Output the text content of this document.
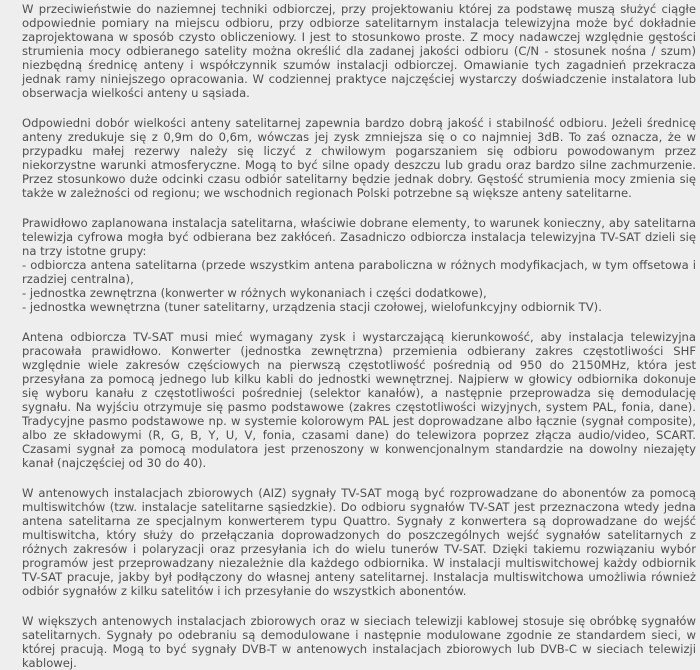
W przeciwieństwie do naziemnej techniki odbiorczej, przy projektowaniu której za podstawę muszą służyć ciągłe odpowiednie pomiary na miejscu odbioru, przy odbiorze satelitarnym instalacja telewizyjna może być dokładnie zaprojektowana w sposób czysto obliczeniowy. I jest to stosunkowo proste. Z mocy nadawczej względnie gęstości strumienia mocy odbieranego satelity można określić dla zadanej jakości odbioru (C/N - stosunek nośna / szum) niezbędną średnicę anteny i współczynnik szumów instalacji odbiorczej. Omawianie tych zagadnień przekracza jednak ramy niniejszego opracowania. W codziennej praktyce najczęściej wystarczy doświadczenie instalatora lub obserwacja wielkości anteny u sąsiada.

Odpowiedni dobór wielkości anteny satelitarnej zapewnia bardzo dobrą jakość i stabilność odbioru. Jeżeli średnicę anteny zredukuje się z 0,9m do 0,6m, wówczas jej zysk zmniejsza się o co najmniej 3dB. To zaś oznacza, że w przypadku małej rezerwy należy się liczyć z chwilowym pogarszaniem się odbioru powodowanym przez niekorzystne warunki atmosferyczne. Mogą to być silne opady deszczu lub gradu oraz bardzo silne zachmurzenie. Przez stosunkowo duże odcinki czasu odbiór satelitarny będzie jednak dobry. Gęstość strumienia mocy zmienia się także w zależności od regionu; we wschodnich regionach Polski potrzebne są większe anteny satelitarne.

Prawidłowo zaplanowana instalacja satelitarna, właściwie dobrane elementy, to warunek konieczny, aby satelitarna telewizja cyfrowa mogła być odbierana bez zakłóceń. Zasadniczo odbiorcza instalacja telewizyjna TV-SAT dzieli się na trzy istotne grupy:
- odbiorcza antena satelitarna (przede wszystkim antena paraboliczna w różnych modyfikacjach, w tym offsetowa i rzadziej centralna),
- jednostka zewnętrzna (konwerter w różnych wykonaniach i części dodatkowe),
- jednostka wewnętrzna (tuner satelitarny, urządzenia stacji czołowej, wielofunkcyjny odbiornik TV).

Antena odbiorcza TV-SAT musi mieć wymagany zysk i wystarczającą kierunkowość, aby instalacja telewizyjna pracowała prawidłowo. Konwerter (jednostka zewnętrzna) przemienia odbierany zakres częstotliwości SHF względnie wiele zakresów częściowych na pierwszą częstotliwość pośrednią od 950 do 2150MHz, która jest przesyłana za pomocą jednego lub kilku kabli do jednostki wewnętrznej. Najpierw w głowicy odbiornika dokonuje się wyboru kanału z częstotliwości pośredniej (selektor kanałów), a następnie przeprowadza się demodulację sygnału. Na wyjściu otrzymuje się pasmo podstawowe (zakres częstotliwości wizyjnych, system PAL, fonia, dane). Tradycyjne pasmo podstawowe np. w systemie kolorowym PAL jest doprowadzane albo łącznie (sygnał composite), albo ze składowymi (R, G, B, Y, U, V, fonia, czasami dane) do telewizora poprzez złącza audio/video, SCART. Czasami sygnał za pomocą modulatora jest przenoszony w konwencjonalnym standardzie na dowolny niezajęty kanał (najczęściej od 30 do 40).

W antenowych instalacjach zbiorowych (AIZ) sygnały TV-SAT mogą być rozprowadzane do abonentów za pomocą multiswitchów (tzw. instalacje satelitarne sąsiedzkie). Do odbioru sygnałów TV-SAT jest przeznaczona wtedy jedna antena satelitarna ze specjalnym konwerterem typu Quattro. Sygnały z konwertera są doprowadzane do wejść multiswitcha, który służy do przełączania doprowadzonych do poszczególnych wejść sygnałów satelitarnych z różnych zakresów i polaryzacji oraz przesyłania ich do wielu tunerów TV-SAT. Dzięki takiemu rozwiązaniu wybór programów jest przeprowadzany niezależnie dla każdego odbiornika. W instalacji multiswitchowej każdy odbiornik TV-SAT pracuje, jakby był podłączony do własnej anteny satelitarnej. Instalacja multiswitchowa umożliwia również odbiór sygnałów z kilku satelitów i ich przesyłanie do wszystkich abonentów.

W większych antenowych instalacjach zbiorowych oraz w sieciach telewizji kablowej stosuje się obróbkę sygnałów satelitarnych. Sygnały po odebraniu są demodulowane i następnie modulowane zgodnie ze standardem sieci, w której pracują. Mogą to być sygnały DVB-T w antenowych instalacjach zbiorowych lub DVB-C w sieciach telewizji kablowej.
